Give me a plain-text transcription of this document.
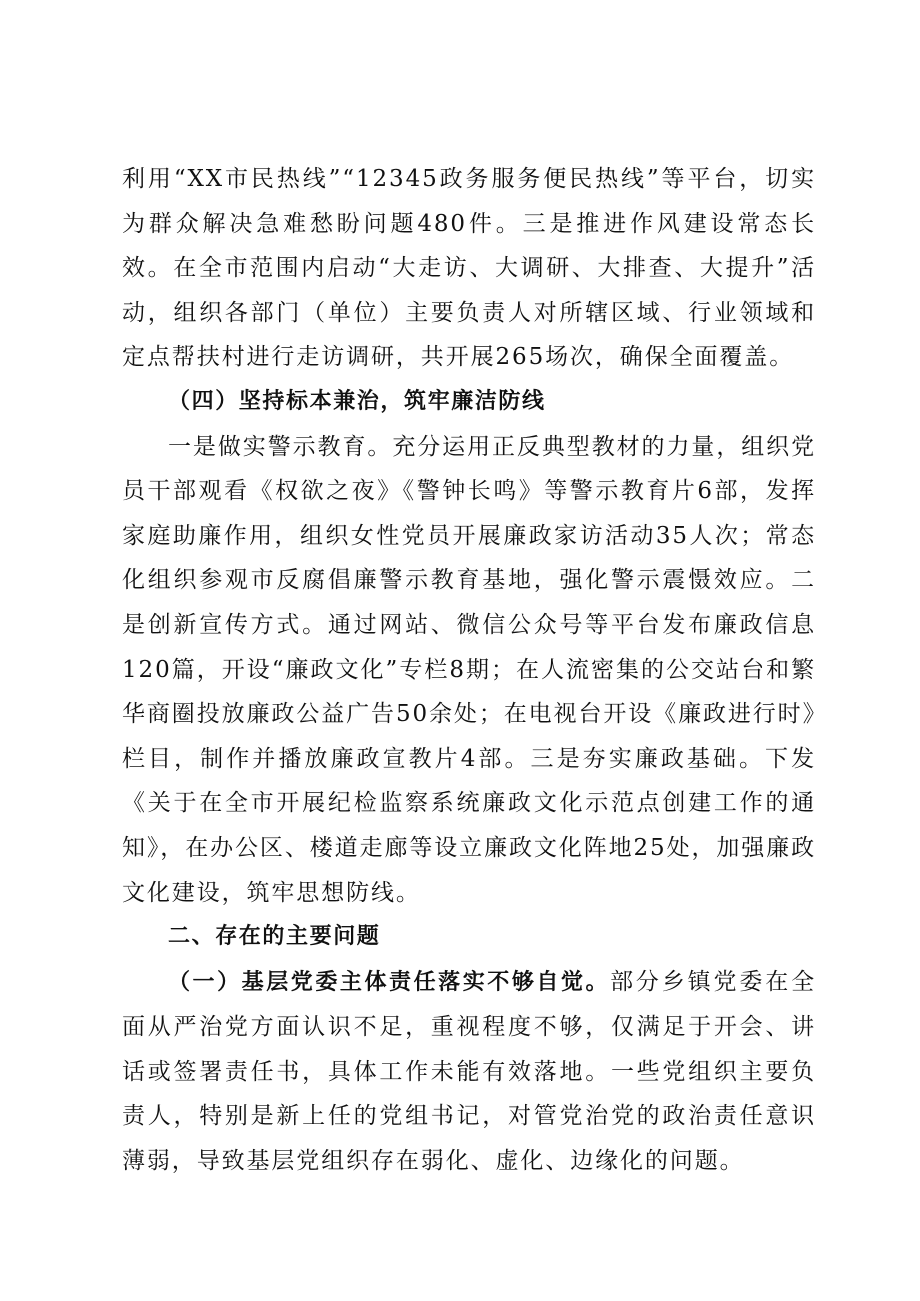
利用“XX市民热线”“12345政务服务便民热线”等平台，切实为群众解决急难愁盼问题480件。三是推进作风建设常态长效。在全市范围内启动“大走访、大调研、大排查、大提升”活动，组织各部门（单位）主要负责人对所辖区域、行业领域和定点帮扶村进行走访调研，共开展265场次，确保全面覆盖。

（四）坚持标本兼治，筑牢廉洁防线

一是做实警示教育。充分运用正反典型教材的力量，组织党员干部观看《权欲之夜》《警钟长鸣》等警示教育片6部，发挥家庭助廉作用，组织女性党员开展廉政家访活动35人次；常态化组织参观市反腐倡廉警示教育基地，强化警示震慑效应。二是创新宣传方式。通过网站、微信公众号等平台发布廉政信息120篇，开设“廉政文化”专栏8期；在人流密集的公交站台和繁华商圈投放廉政公益广告50余处；在电视台开设《廉政进行时》栏目，制作并播放廉政宣教片4部。三是夯实廉政基础。下发《关于在全市开展纪检监察系统廉政文化示范点创建工作的通知》，在办公区、楼道走廊等设立廉政文化阵地25处，加强廉政文化建设，筑牢思想防线。

二、存在的主要问题

（一）基层党委主体责任落实不够自觉。部分乡镇党委在全面从严治党方面认识不足，重视程度不够，仅满足于开会、讲话或签署责任书，具体工作未能有效落地。一些党组织主要负责人，特别是新上任的党组书记，对管党治党的政治责任意识薄弱，导致基层党组织存在弱化、虚化、边缘化的问题。
